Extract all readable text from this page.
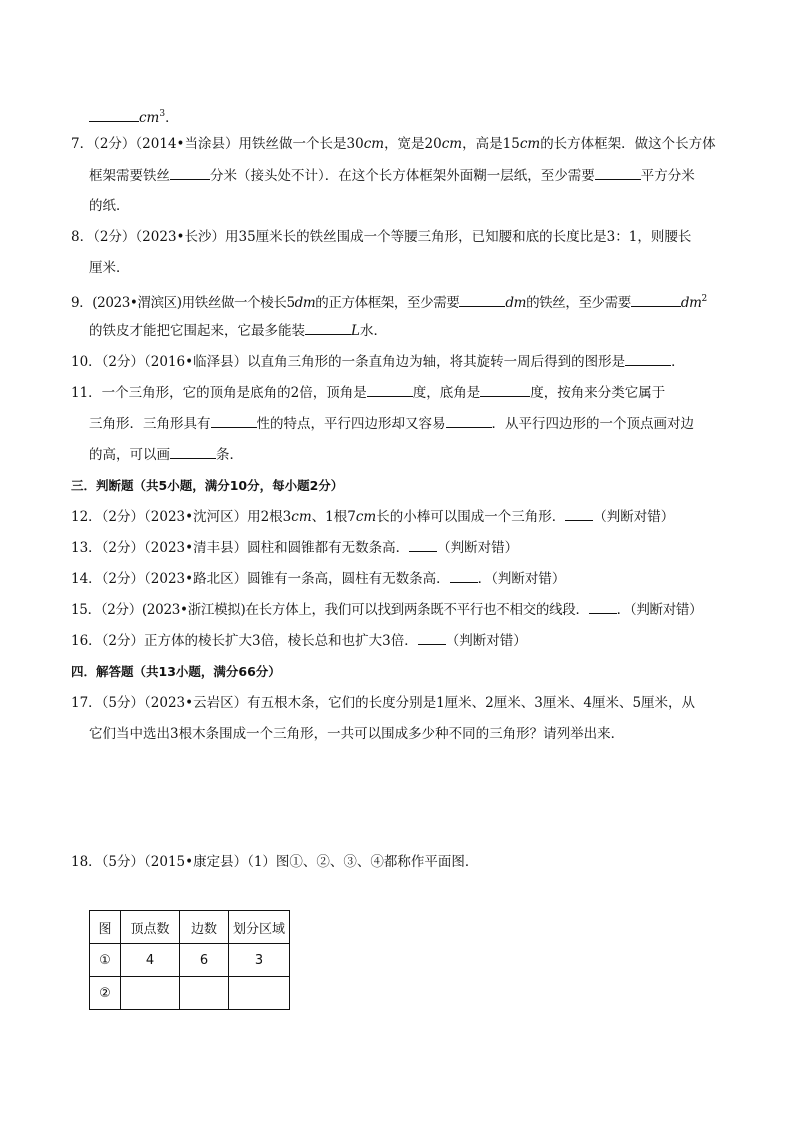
$cm^3$．
7．（2分）（2014•当涂县）用铁丝做一个长是30cm，宽是20cm，高是15cm的长方体框架．做这个长方体
框架需要铁丝	分米（接头处不计）．在这个长方体框架外面糊一层纸，至少需要	平方分米
的纸．
8．（2分）（2023•长沙）用35厘米长的铁丝围成一个等腰三角形，已知腰和底的长度比是3：1，则腰长
厘米．
9．(2023•渭滨区)用铁丝做一个棱长5dm的正方体框架，至少需要	dm的铁丝，至少需要	$dm^2$
的铁皮才能把它围起来，它最多能装	L水．
10．（2分）（2016•临泽县）以直角三角形的一条直角边为轴，将其旋转一周后得到的图形是	．
11．一个三角形，它的顶角是底角的2倍，顶角是	度，底角是	度，按角来分类它属于
三角形．三角形具有	性的特点，平行四边形却又容易	．从平行四边形的一个顶点画对边
的高，可以画	条．
三．判断题（共5小题，满分10分，每小题2分）
12．（2分）（2023•沈河区）用2根3cm、1根7cm长的小棒可以围成一个三角形． （判断对错）
13．（2分）（2023•清丰县）圆柱和圆锥都有无数条高． （判断对错）
14．（2分）（2023•路北区）圆锥有一条高，圆柱有无数条高． ．（判断对错）
15．（2分）(2023•浙江模拟)在长方体上，我们可以找到两条既不平行也不相交的线段． ．（判断对错）
16．（2分）正方体的棱长扩大3倍，棱长总和也扩大3倍． （判断对错）
四．解答题（共13小题，满分66分）
17．（5分）（2023•云岩区）有五根木条，它们的长度分别是1厘米、2厘米、3厘米、4厘米、5厘米，从
它们当中选出3根木条围成一个三角形，一共可以围成多少种不同的三角形？请列举出来．
18．（5分）（2015•康定县）（1）图①、②、③、④都称作平面图．
图	顶点数	边数	划分区域
①	4	6	3
②			
